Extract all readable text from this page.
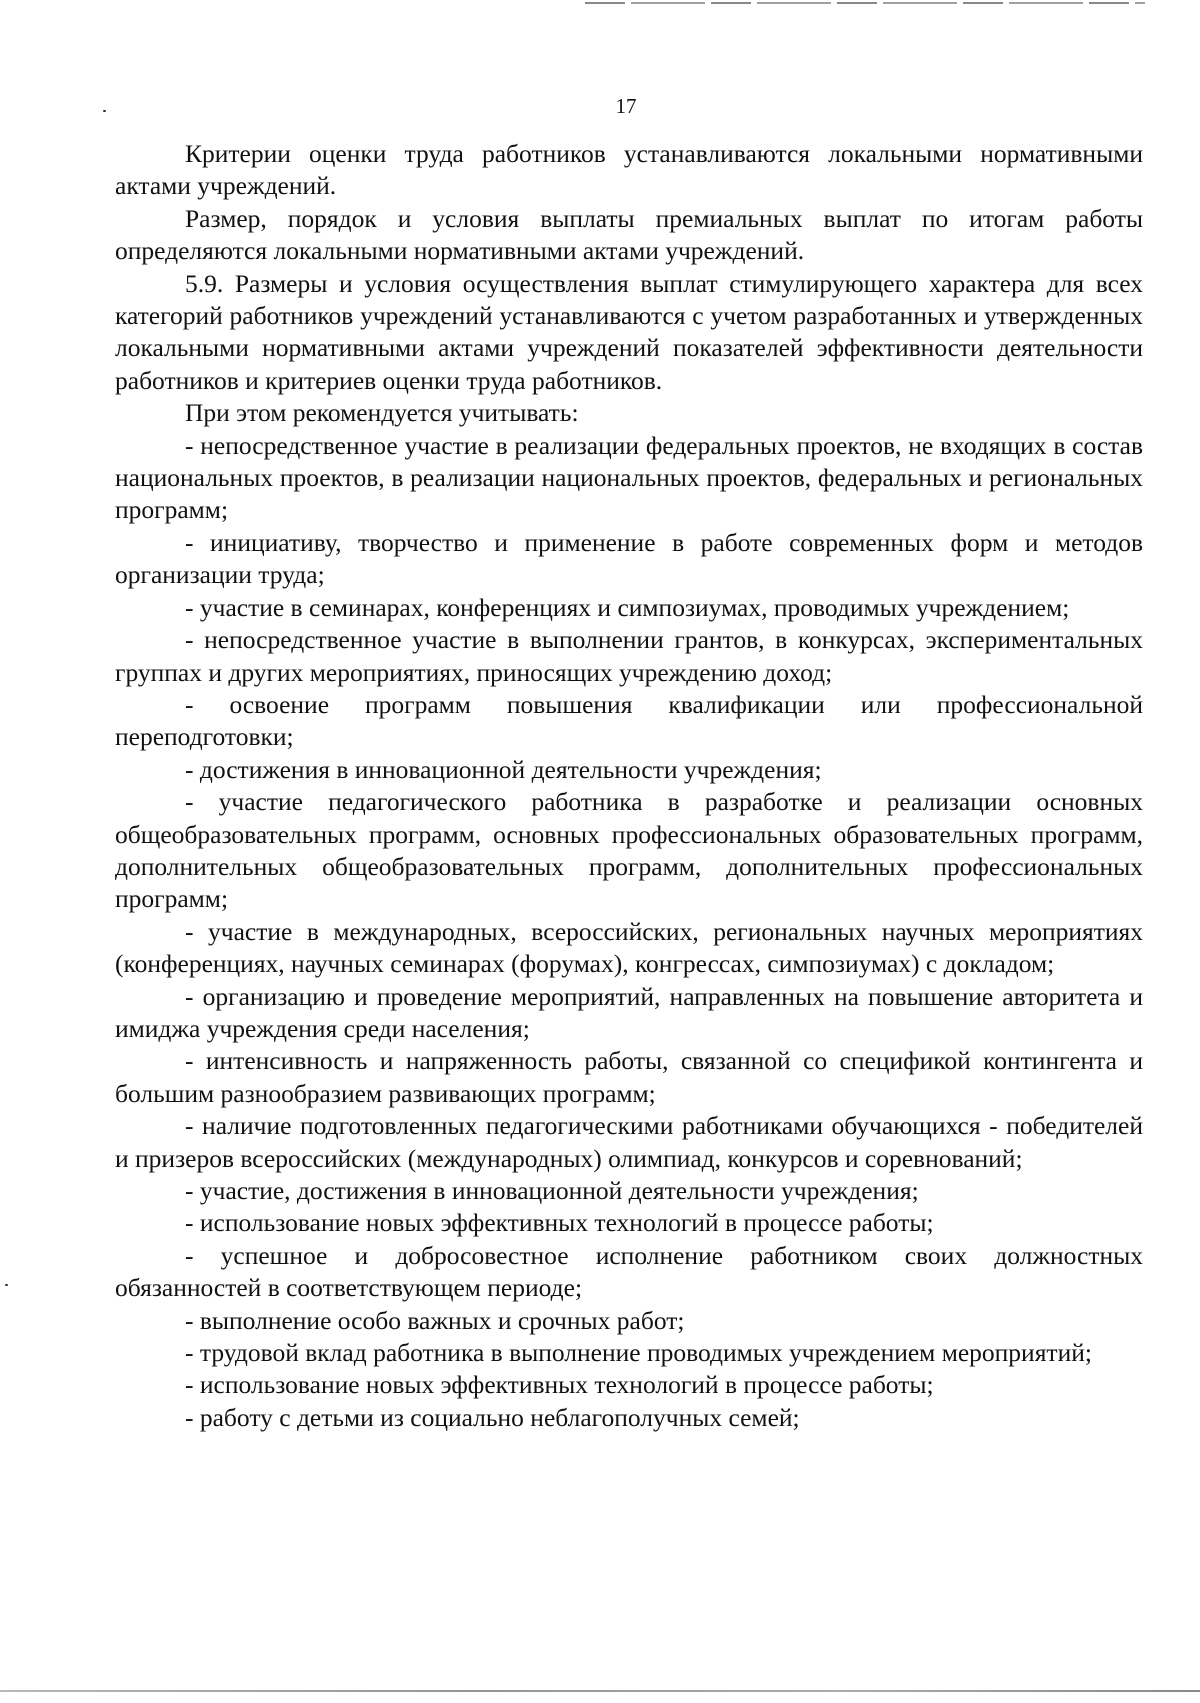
17

Критерии оценки труда работников устанавливаются локальными нормативными актами учреждений.

Размер, порядок и условия выплаты премиальных выплат по итогам работы определяются локальными нормативными актами учреждений.

5.9. Размеры и условия осуществления выплат стимулирующего характера для всех категорий работников учреждений устанавливаются с учетом разработанных и утвержденных локальными нормативными актами учреждений показателей эффективности деятельности работников и критериев оценки труда работников.

При этом рекомендуется учитывать:

- непосредственное участие в реализации федеральных проектов, не входящих в состав национальных проектов, в реализации национальных проектов, федеральных и региональных программ;

- инициативу, творчество и применение в работе современных форм и методов организации труда;

- участие в семинарах, конференциях и симпозиумах, проводимых учреждением;

- непосредственное участие в выполнении грантов, в конкурсах, экспериментальных группах и других мероприятиях, приносящих учреждению доход;

- освоение программ повышения квалификации или профессиональной переподготовки;

- достижения в инновационной деятельности учреждения;

- участие педагогического работника в разработке и реализации основных общеобразовательных программ, основных профессиональных образовательных программ, дополнительных общеобразовательных программ, дополнительных профессиональных программ;

- участие в международных, всероссийских, региональных научных мероприятиях (конференциях, научных семинарах (форумах), конгрессах, симпозиумах) с докладом;

- организацию и проведение мероприятий, направленных на повышение авторитета и имиджа учреждения среди населения;

- интенсивность и напряженность работы, связанной со спецификой контингента и большим разнообразием развивающих программ;

- наличие подготовленных педагогическими работниками обучающихся - победителей и призеров всероссийских (международных) олимпиад, конкурсов и соревнований;

- участие, достижения в инновационной деятельности учреждения;

- использование новых эффективных технологий в процессе работы;

- успешное и добросовестное исполнение работником своих должностных обязанностей в соответствующем периоде;

- выполнение особо важных и срочных работ;

- трудовой вклад работника в выполнение проводимых учреждением мероприятий;

- использование новых эффективных технологий в процессе работы;

- работу с детьми из социально неблагополучных семей;
